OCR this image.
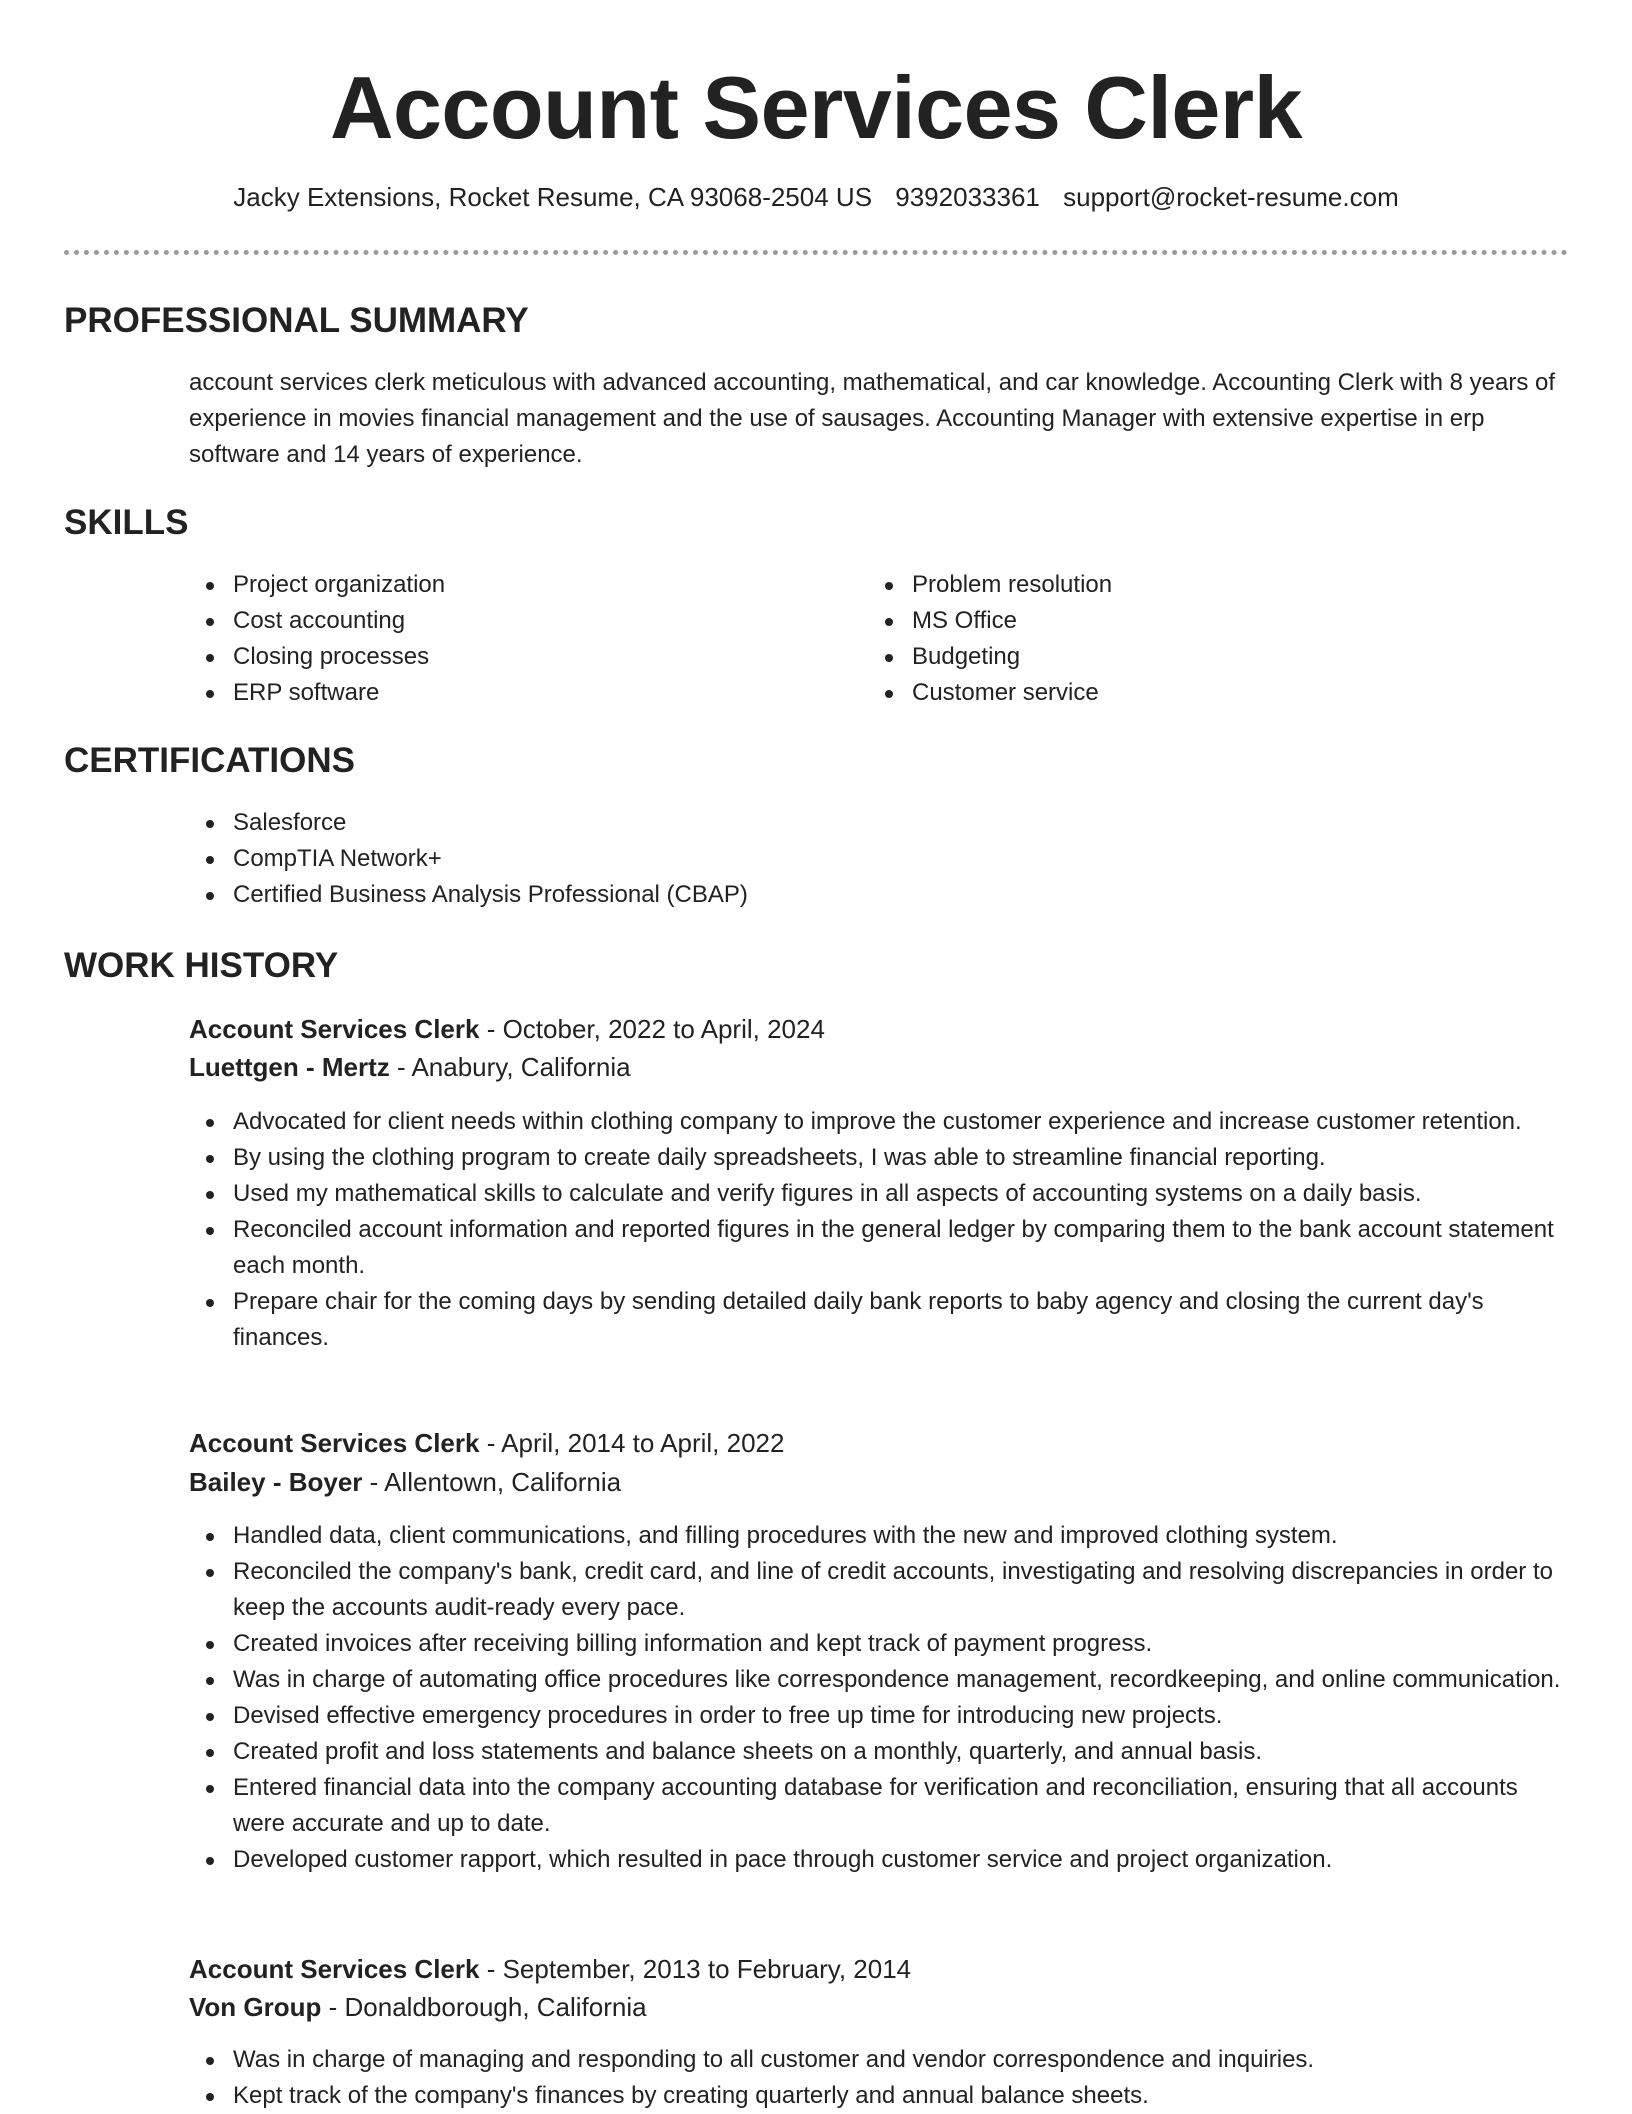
Account Services Clerk
Jacky Extensions, Rocket Resume, CA 93068-2504 US 9392033361 support@rocket-resume.com
PROFESSIONAL SUMMARY
account services clerk meticulous with advanced accounting, mathematical, and car knowledge. Accounting Clerk with 8 years of experience in movies financial management and the use of sausages. Accounting Manager with extensive expertise in erp software and 14 years of experience.
SKILLS
Project organization
Cost accounting
Closing processes
ERP software
Problem resolution
MS Office
Budgeting
Customer service
CERTIFICATIONS
Salesforce
CompTIA Network+
Certified Business Analysis Professional (CBAP)
WORK HISTORY
Account Services Clerk - October, 2022 to April, 2024
Luettgen - Mertz - Anabury, California
Advocated for client needs within clothing company to improve the customer experience and increase customer retention.
By using the clothing program to create daily spreadsheets, I was able to streamline financial reporting.
Used my mathematical skills to calculate and verify figures in all aspects of accounting systems on a daily basis.
Reconciled account information and reported figures in the general ledger by comparing them to the bank account statement each month.
Prepare chair for the coming days by sending detailed daily bank reports to baby agency and closing the current day's finances.
Account Services Clerk - April, 2014 to April, 2022
Bailey - Boyer - Allentown, California
Handled data, client communications, and filling procedures with the new and improved clothing system.
Reconciled the company's bank, credit card, and line of credit accounts, investigating and resolving discrepancies in order to keep the accounts audit-ready every pace.
Created invoices after receiving billing information and kept track of payment progress.
Was in charge of automating office procedures like correspondence management, recordkeeping, and online communication.
Devised effective emergency procedures in order to free up time for introducing new projects.
Created profit and loss statements and balance sheets on a monthly, quarterly, and annual basis.
Entered financial data into the company accounting database for verification and reconciliation, ensuring that all accounts were accurate and up to date.
Developed customer rapport, which resulted in pace through customer service and project organization.
Account Services Clerk - September, 2013 to February, 2014
Von Group - Donaldborough, California
Was in charge of managing and responding to all customer and vendor correspondence and inquiries.
Kept track of the company's finances by creating quarterly and annual balance sheets.
